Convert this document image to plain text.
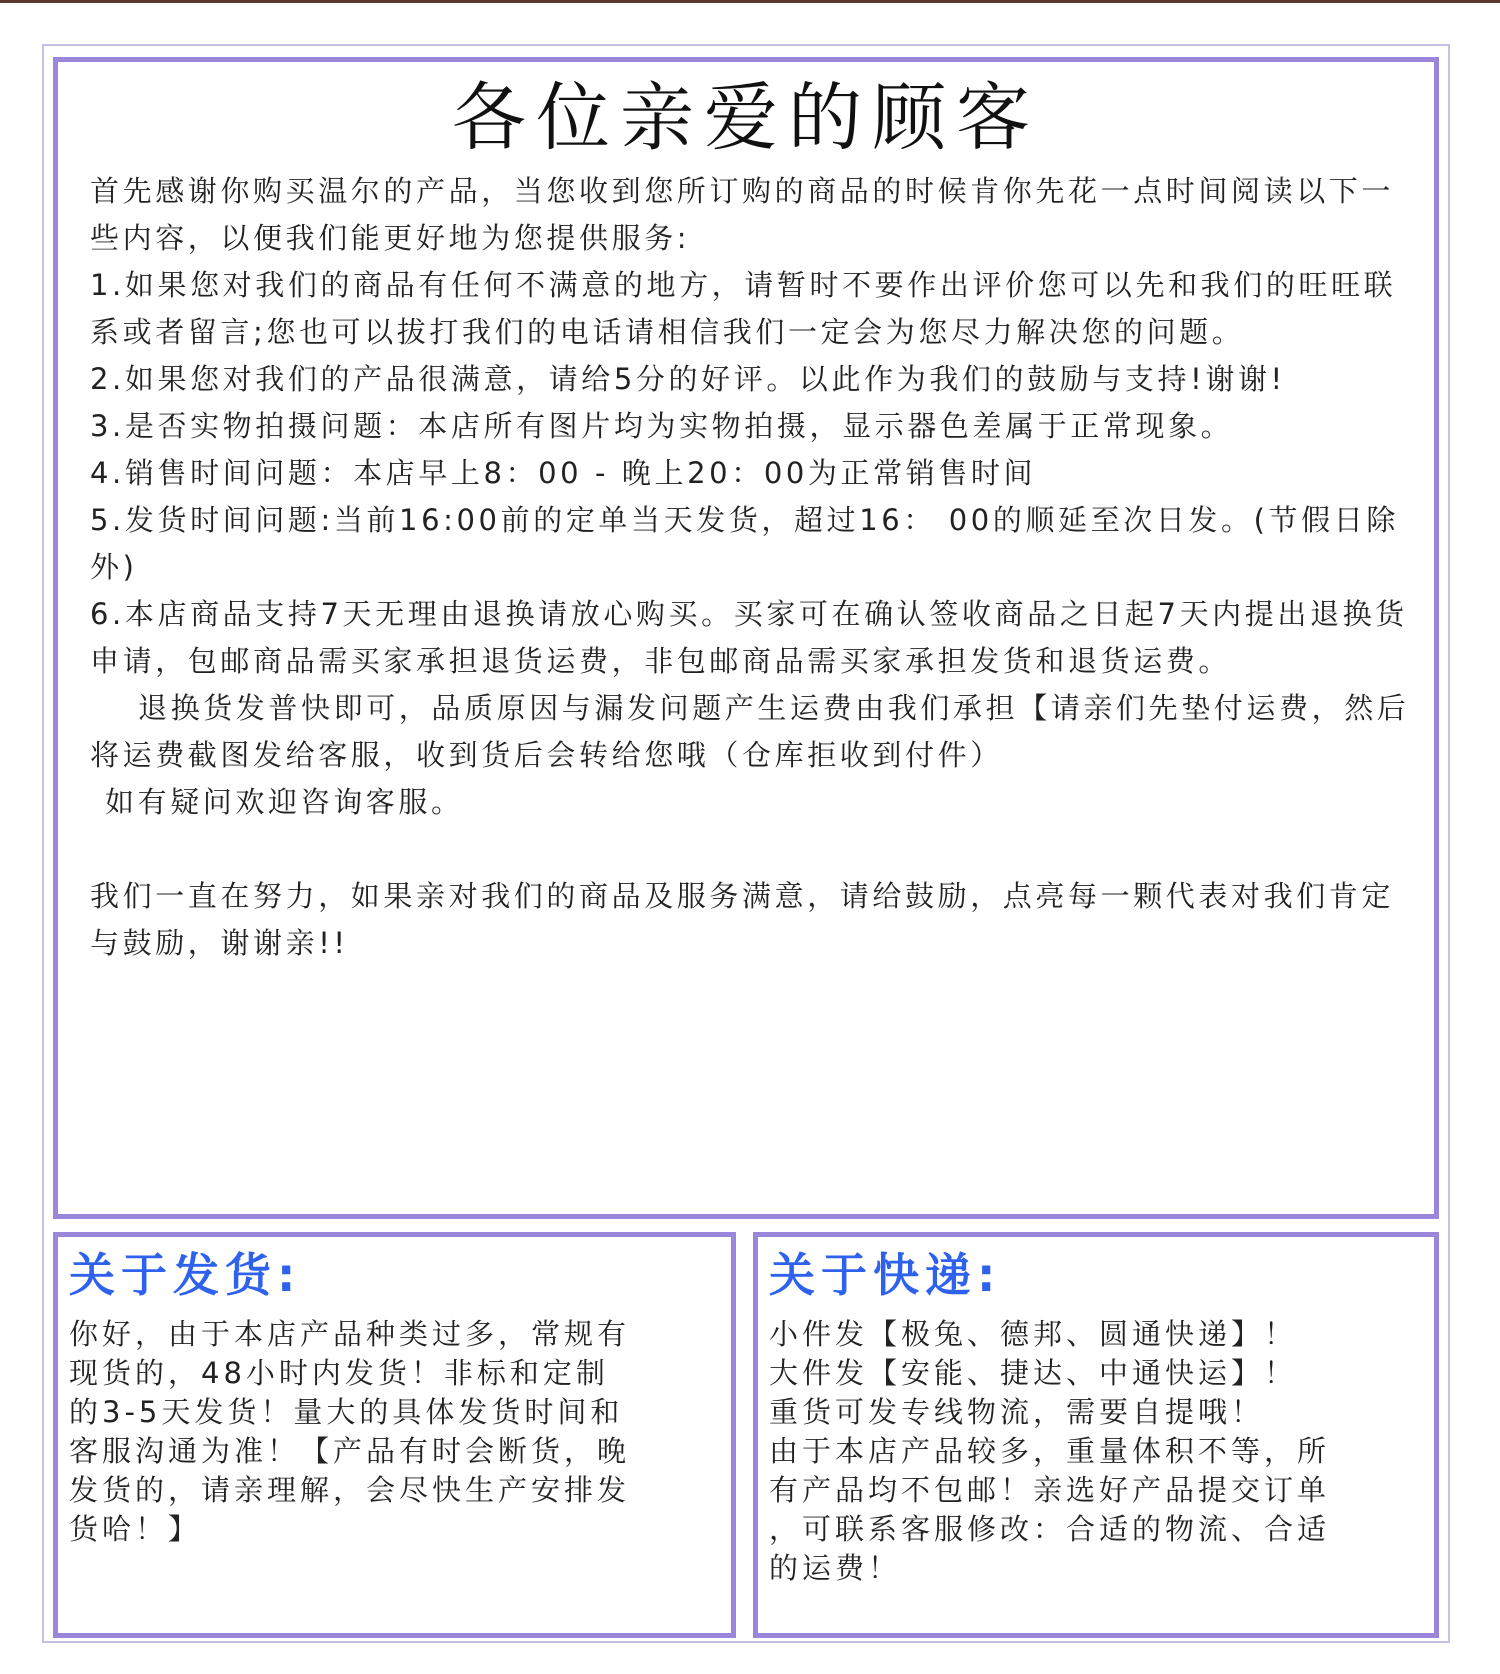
各位亲爱的顾客

首先感谢你购买温尔的产品，当您收到您所订购的商品的时候肯你先花一点时间阅读以下一些内容，以便我们能更好地为您提供服务:

1.如果您对我们的商品有任何不满意的地方，请暂时不要作出评价您可以先和我们的旺旺联系或者留言;您也可以拔打我们的电话请相信我们一定会为您尽力解决您的问题。

2.如果您对我们的产品很满意，请给5分的好评。以此作为我们的鼓励与支持!谢谢!

3.是否实物拍摄问题：本店所有图片均为实物拍摄，显示器色差属于正常现象。

4.销售时间问题：本店早上8：00 - 晚上20：00为正常销售时间

5.发货时间问题:当前16:00前的定单当天发货，超过16： 00的顺延至次日发。(节假日除外)

6.本店商品支持7天无理由退换请放心购买。买家可在确认签收商品之日起7天内提出退换货申请，包邮商品需买家承担退货运费，非包邮商品需买家承担发货和退货运费。

退换货发普快即可，品质原因与漏发问题产生运费由我们承担【请亲们先垫付运费，然后将运费截图发给客服，收到货后会转给您哦（仓库拒收到付件）

如有疑问欢迎咨询客服。

我们一直在努力，如果亲对我们的商品及服务满意，请给鼓励，点亮每一颗代表对我们肯定与鼓励，谢谢亲!!

关于发货:

你好，由于本店产品种类过多，常规有

现货的，48小时内发货！非标和定制

的3-5天发货！量大的具体发货时间和

客服沟通为准！【产品有时会断货，晚

发货的，请亲理解，会尽快生产安排发

货哈！】

关于快递:

小件发【极兔、德邦、圆通快递】！

大件发【安能、捷达、中通快运】！

重货可发专线物流，需要自提哦！

由于本店产品较多，重量体积不等，所

有产品均不包邮！亲选好产品提交订单

，可联系客服修改：合适的物流、合适

的运费！
